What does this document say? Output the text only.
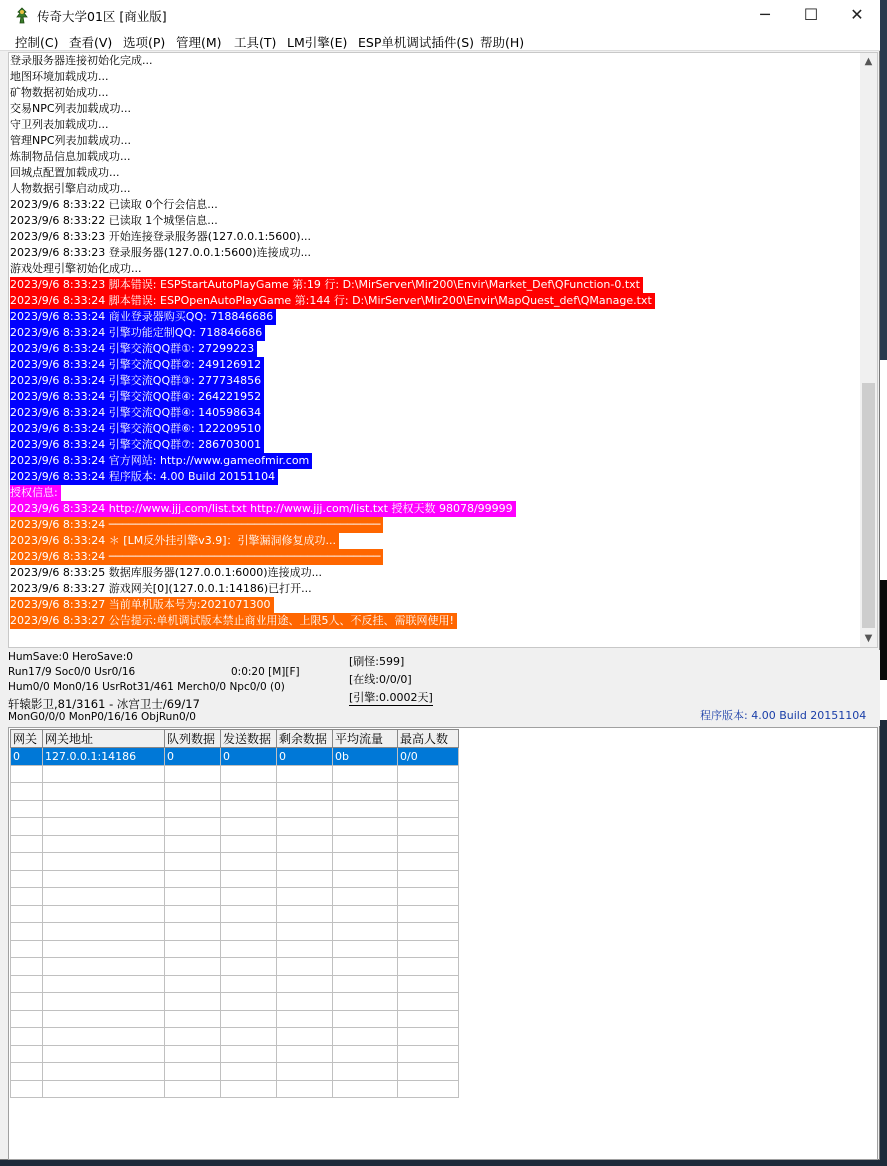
传奇大学01区 [商业版]	─	☐	✕
控制(C) 查看(V) 选项(P) 管理(M) 工具(T) LM引擎(E) ESP单机调试插件(S) 帮助(H)
登录服务器连接初始化完成...
地图环境加载成功...
矿物数据初始成功...
交易NPC列表加载成功...
守卫列表加载成功...
管理NPC列表加载成功...
炼制物品信息加载成功...
回城点配置加载成功...
人物数据引擎启动成功...
2023/9/6 8:33:22 已读取 0个行会信息...
2023/9/6 8:33:22 已读取 1个城堡信息...
2023/9/6 8:33:23 开始连接登录服务器(127.0.0.1:5600)...
2023/9/6 8:33:23 登录服务器(127.0.0.1:5600)连接成功...
游戏处理引擎初始化成功...
2023/9/6 8:33:23 脚本错误: ESPStartAutoPlayGame 第:19 行: D:\MirServer\Mir200\Envir\Market_Def\QFunction-0.txt
2023/9/6 8:33:24 脚本错误: ESPOpenAutoPlayGame 第:144 行: D:\MirServer\Mir200\Envir\MapQuest_def\QManage.txt
2023/9/6 8:33:24 商业登录器购买QQ: 718846686
2023/9/6 8:33:24 引擎功能定制QQ: 718846686
2023/9/6 8:33:24 引擎交流QQ群①: 27299223
2023/9/6 8:33:24 引擎交流QQ群②: 249126912
2023/9/6 8:33:24 引擎交流QQ群③: 277734856
2023/9/6 8:33:24 引擎交流QQ群④: 264221952
2023/9/6 8:33:24 引擎交流QQ群④: 140598634
2023/9/6 8:33:24 引擎交流QQ群⑥: 122209510
2023/9/6 8:33:24 引擎交流QQ群⑦: 286703001
2023/9/6 8:33:24 官方网站: http://www.gameofmir.com
2023/9/6 8:33:24 程序版本: 4.00 Build 20151104
授权信息:
2023/9/6 8:33:24 http://www.jjj.com/list.txt http://www.jjj.com/list.txt 授权天数 98078/99999
2023/9/6 8:33:24 ─────────────────────────────────────────
2023/9/6 8:33:24 ＊ [LM反外挂引擎v3.9]：引擎漏洞修复成功...
2023/9/6 8:33:24 ─────────────────────────────────────────
2023/9/6 8:33:25 数据库服务器(127.0.0.1:6000)连接成功...
2023/9/6 8:33:27 游戏网关[0](127.0.0.1:14186)已打开...
2023/9/6 8:33:27 当前单机版本号为:2021071300
2023/9/6 8:33:27 公告提示:单机调试版本禁止商业用途、上限5人、不反挂、需联网使用!
▲
▼
HumSave:0 HeroSave:0
Run17/9 Soc0/0 Usr0/16	0:0:20 [M][F]
Hum0/0 Mon0/16 UsrRot31/461 Merch0/0 Npc0/0 (0)
轩辕影卫,81/3161 - 冰宫卫士/69/17
MonG0/0/0 MonP0/16/16 ObjRun0/0
[刷怪:599]
[在线:0/0/0]
[引擎:0.0002天]
程序版本: 4.00 Build 20151104
网关	网关地址	队列数据	发送数据	剩余数据	平均流量	最高人数
0	127.0.0.1:14186	0	0	0	0b	0/0
